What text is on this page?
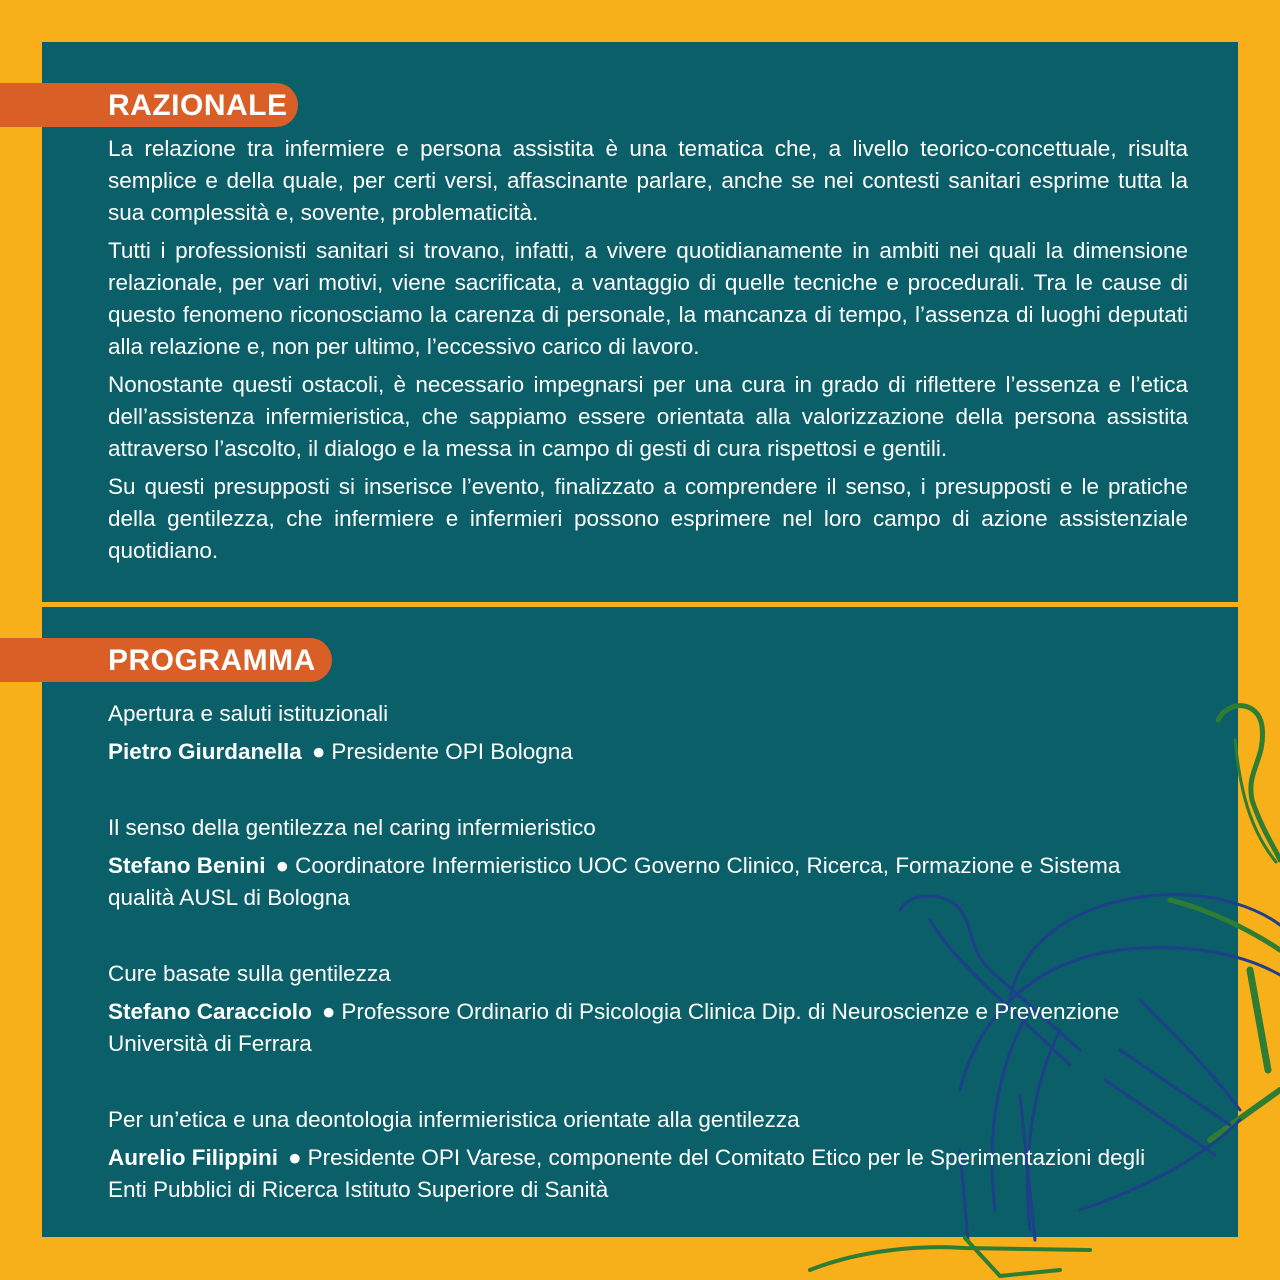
RAZIONALE

La relazione tra infermiere e persona assistita è una tematica che, a livello teorico-concettuale, risulta semplice e della quale, per certi versi, affascinante parlare, anche se nei contesti sanitari esprime tutta la sua complessità e, sovente, problematicità.

Tutti i professionisti sanitari si trovano, infatti, a vivere quotidianamente in ambiti nei quali la dimensione relazionale, per vari motivi, viene sacrificata, a vantaggio di quelle tecniche e procedurali. Tra le cause di questo fenomeno riconosciamo la carenza di personale, la mancanza di tempo, l’assenza di luoghi deputati alla relazione e, non per ultimo, l’eccessivo carico di lavoro.

Nonostante questi ostacoli, è necessario impegnarsi per una cura in grado di riflettere l’essenza e l’etica dell’assistenza infermieristica, che sappiamo essere orientata alla valorizzazione della persona assistita attraverso l’ascolto, il dialogo e la messa in campo di gesti di cura rispettosi e gentili.

Su questi presupposti si inserisce l’evento, finalizzato a comprendere il senso, i presupposti e le pratiche della gentilezza, che infermiere e infermieri possono esprimere nel loro campo di azione assistenziale quotidiano.

PROGRAMMA

Apertura e saluti istituzionali

Pietro Giurdanella ● Presidente OPI Bologna

Il senso della gentilezza nel caring infermieristico

Stefano Benini ● Coordinatore Infermieristico UOC Governo Clinico, Ricerca, Formazione e Sistema qualità AUSL di Bologna

Cure basate sulla gentilezza

Stefano Caracciolo ● Professore Ordinario di Psicologia Clinica Dip. di Neuroscienze e Prevenzione Università di Ferrara

Per un’etica e una deontologia infermieristica orientate alla gentilezza

Aurelio Filippini ● Presidente OPI Varese, componente del Comitato Etico per le Sperimentazioni degli Enti Pubblici di Ricerca Istituto Superiore di Sanità
